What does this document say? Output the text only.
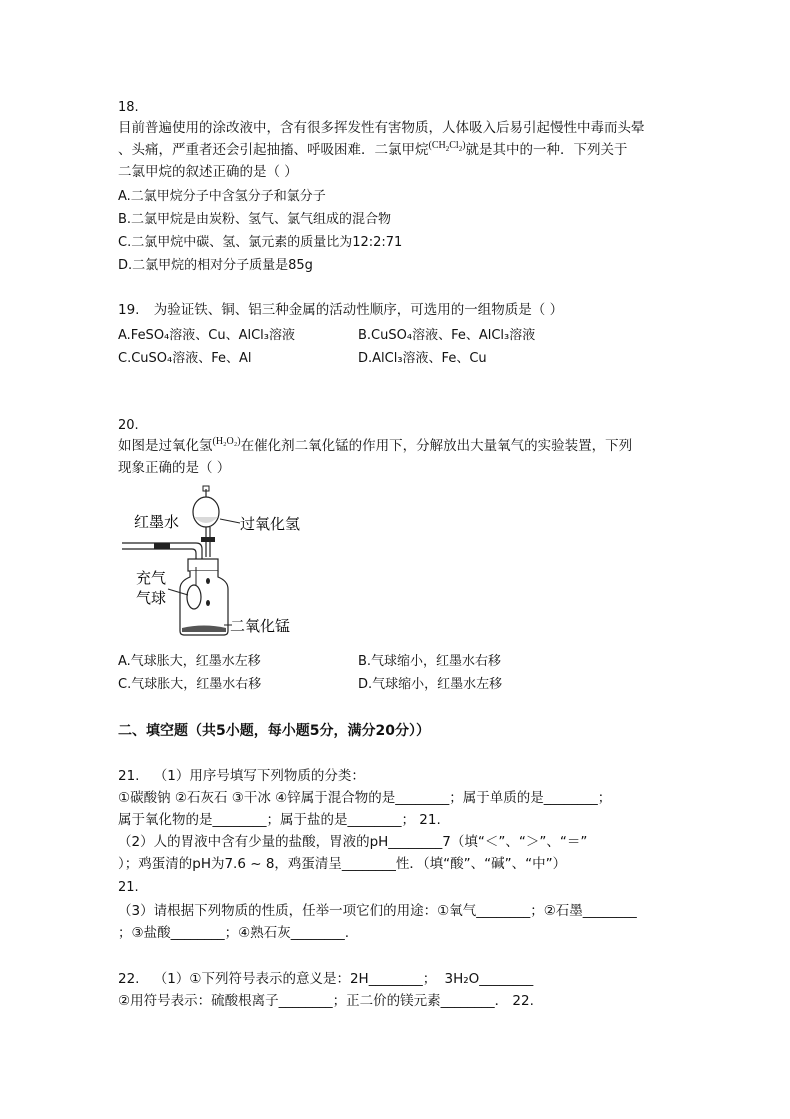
18.
目前普遍使用的涂改液中，含有很多挥发性有害物质，人体吸入后易引起慢性中毒而头晕
、头痛，严重者还会引起抽搐、呼吸困难．二氯甲烷$^{(CH_2Cl_2)}$就是其中的一种．下列关于
二氯甲烷的叙述正确的是（ ）
A.二氯甲烷分子中含氢分子和氯分子
B.二氯甲烷是由炭粉、氢气、氯气组成的混合物
C.二氯甲烷中碳、氢、氯元素的质量比为12:2:71
D.二氯甲烷的相对分子质量是85g
19. 为验证铁、铜、铝三种金属的活动性顺序，可选用的一组物质是（ ）
A.FeSO₄溶液、Cu、AlCl₃溶液	B.CuSO₄溶液、Fe、AlCl₃溶液
C.CuSO₄溶液、Fe、Al	D.AlCl₃溶液、Fe、Cu
20.
如图是过氧化氢$^{(H_2O_2)}$在催化剂二氧化锰的作用下，分解放出大量氧气的实验装置，下列
现象正确的是（ ）
红墨水	过氧化氢
充气
气球
二氧化锰
A.气球胀大，红墨水左移	B.气球缩小，红墨水右移
C.气球胀大，红墨水右移	D.气球缩小，红墨水左移
二、填空题（共5小题，每小题5分，满分20分））
21. （1）用序号填写下列物质的分类：
①碳酸钠 ②石灰石 ③干冰 ④锌属于混合物的是________；属于单质的是________；
属于氧化物的是________；属于盐的是________； 21.
（2）人的胃液中含有少量的盐酸，胃液的pH________7（填“＜”、“＞”、“＝”
）；鸡蛋清的pH为7.6 ~ 8，鸡蛋清呈________性．（填“酸”、“碱”、“中”）
21.
（3）请根据下列物质的性质，任举一项它们的用途：①氧气________；②石墨________
；③盐酸________；④熟石灰________.
22. （1）①下列符号表示的意义是：2H________； 3H₂O________
②用符号表示：硫酸根离子________；正二价的镁元素________． 22.
